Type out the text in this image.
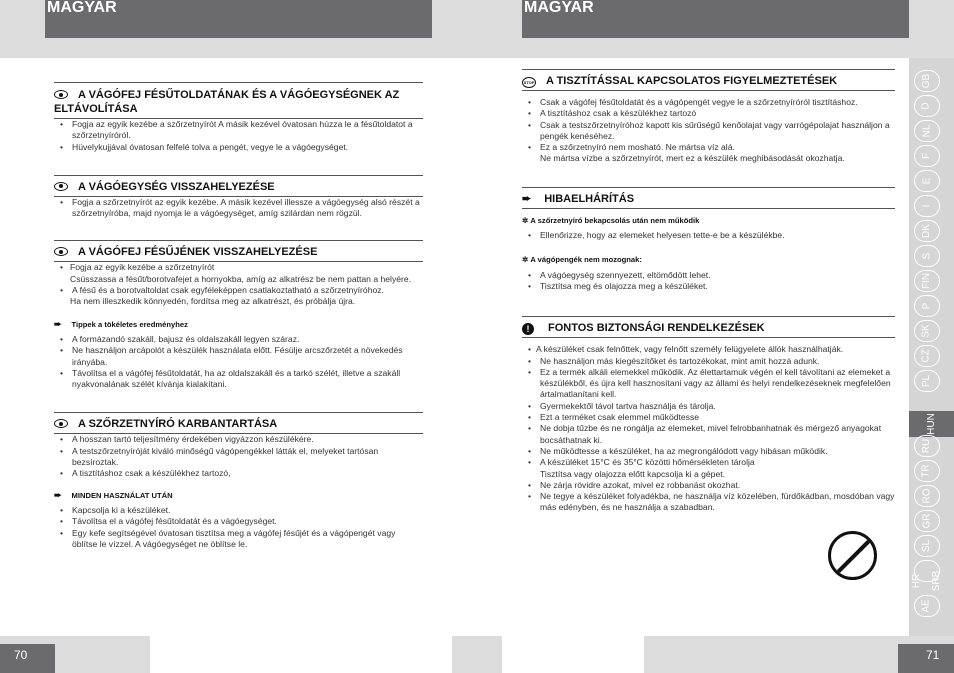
MAGYAR	MAGYAR
GB
D
NL
F
E
I
DK
S
FIN
P
SK
CZ
PL
HUN
RU
TR
RO
GR
SL
HR SRB
AE
A VÁGÓFEJ FÉSŰTOLDATÁNAK ÉS A VÁGÓEGYSÉGNEK AZ ELTÁVOLÍTÁSA
• Fogja az egyik kezébe a szőrzetnyírót A másik kezével óvatosan húzza le a fésűtoldatot a szőrzetnyíróról.
• Hüvelykujjával óvatosan felfelé tolva a pengét, vegye le a vágóegységet.
A VÁGÓEGYSÉG VISSZAHELYEZÉSE
• Fogja a szőrzetnyírót az egyik kezébe. A másik kezével illessze a vágóegység alsó részét a szőrzetnyíróba, majd nyomja le a vágóegységet, amíg szilárdan nem rögzül.
A VÁGÓFEJ FÉSŰJÉNEK VISSZAHELYEZÉSE
• Fogja az egyik kezébe a szőrzetnyírót
Csússzassa a fésűt/borotvafejet a hornyokba, amíg az alkatrész be nem pattan a helyére.
• A fésű és a borotvaltoldat csak egyféleképpen csatlakoztatható a szőrzetnyíróhoz.
Ha nem illeszkedik könnyedén, fordítsa meg az alkatrészt, és próbálja újra.
➨ Tippek a tökéletes eredményhez
• A formázandó szakáll, bajusz és oldalszakáll legyen száraz.
• Ne használjon arcápolót a készülék használata előtt. Fésülje arcszőrzetét a növekedés irányába.
• Távolítsa el a vágófej fésűtoldatát, ha az oldalszakáll és a tarkó szélét, illetve a szakáll nyakvonalának szélét kívánja kialakítani.
A SZŐRZETNYÍRÓ KARBANTARTÁSA
• A hosszan tartó teljesítmény érdekében vigyázzon készülékére.
• A testszőrzetnyíróját kiváló minőségű vágópengékkel látták el, melyeket tartósan bezsíroztak.
• A tisztításhoz csak a készülékhez tartozó,
➨ MINDEN HASZNÁLAT UTÁN
• Kapcsolja ki a készüléket.
• Távolítsa el a vágófej fésűtoldatát és a vágóegységet.
• Egy kefe segítségével óvatosan tisztítsa meg a vágófej fésűjét és a vágópengét vagy öblítse le vízzel. A vágóegységet ne öblítse le.
STOP A TISZTÍTÁSSAL KAPCSOLATOS FIGYELMEZTETÉSEK
• Csak a vágófej fésűtoldatát és a vágópengét vegye le a szőrzetnyíróról tisztításhoz.
• A tisztításhoz csak a készülékhez tartozó
• Csak a testszőrzetnyíróhoz kapott kis sűrűségű kenőolajat vagy varrógépolajat használjon a pengék kenéséhez.
• Ez a szőrzetnyíró nem mosható. Ne mártsa víz alá.
Ne mártsa vízbe a szőrzetnyírót, mert ez a készülék meghibásodását okozhatja.
➨ HIBAELHÁRÍTÁS
✲ A szőrzetnyíró bekapcsolás után nem működik
• Ellenőrizze, hogy az elemeket helyesen tette-e be a készülékbe.
✲ A vágópengék nem mozognak:
• A vágóegység szennyezett, eltömődött lehet.
• Tisztítsa meg és olajozza meg a készüléket.
! FONTOS BIZTONSÁGI RENDELKEZÉSEK
• A készüléket csak felnőttek, vagy felnőtt személy felügyelete állók használhatják.
• Ne használjon más kiegészítőket és tartozékokat, mint amit hozzá adunk.
• Ez a termék alkáli elemekkel működik. Az élettartamuk végén el kell távolítani az elemeket a készülékből, és újra kell hasznosítani vagy az állami és helyi rendelkezéseknek megfelelően ártalmatlanítani kell.
• Gyermekektől távol tartva használja és tárolja.
• Ezt a terméket csak elemmel működtesse
• Ne dobja tűzbe és ne rongálja az elemeket, mivel felrobbanhatnak és mérgező anyagokat bocsáthatnak ki.
• Ne működtesse a készüléket, ha az megrongálódott vagy hibásan működik.
• A készüléket 15°C és 35°C közötti hőmérsékleten tárolja
Tisztítsa vagy olajozza előtt kapcsolja ki a gépet.
• Ne zárja rövidre azokat, mivel ez robbanást okozhat.
• Ne tegye a készüléket folyadékba, ne használja víz közelében, fürdőkádban, mosdóban vagy más edényben, és ne használja a szabadban.
70	71
